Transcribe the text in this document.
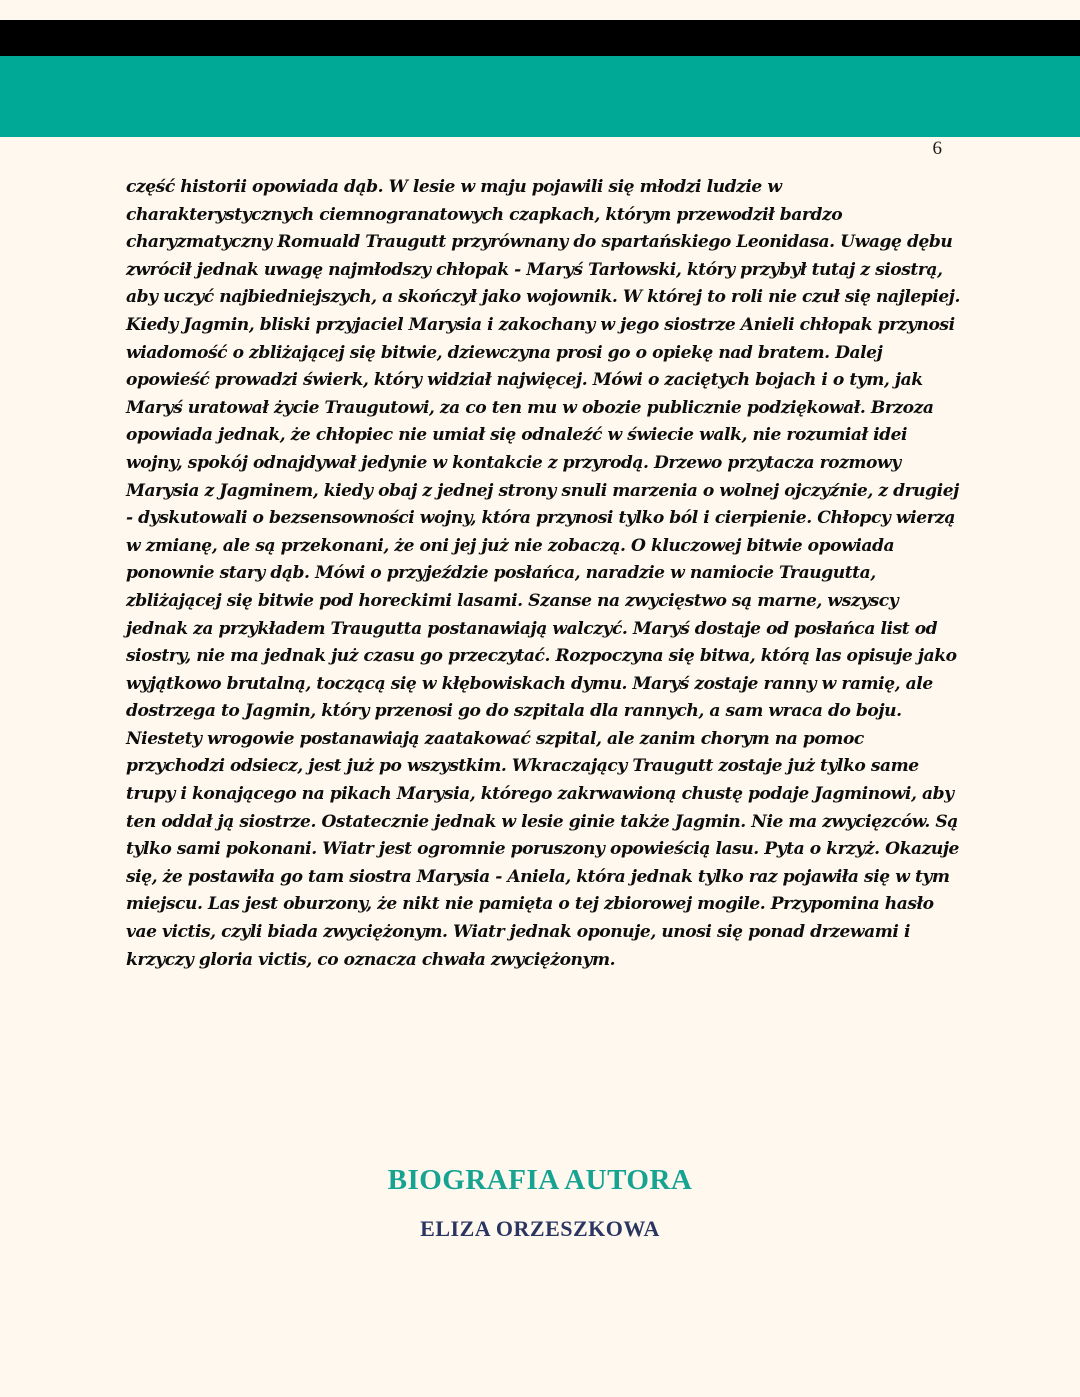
6

część historii opowiada dąb. W lesie w maju pojawili się młodzi ludzie w charakterystycznych ciemnogranatowych czapkach, którym przewodził bardzo charyzmatyczny Romuald Traugutt przyrównany do spartańskiego Leonidasa. Uwagę dębu zwrócił jednak uwagę najmłodszy chłopak - Maryś Tarłowski, który przybył tutaj z siostrą, aby uczyć najbiedniejszych, a skończył jako wojownik. W której to roli nie czuł się najlepiej. Kiedy Jagmin, bliski przyjaciel Marysia i zakochany w jego siostrze Anieli chłopak przynosi wiadomość o zbliżającej się bitwie, dziewczyna prosi go o opiekę nad bratem. Dalej opowieść prowadzi świerk, który widział najwięcej. Mówi o zaciętych bojach i o tym, jak Maryś uratował życie Traugutowi, za co ten mu w obozie publicznie podziękował. Brzoza opowiada jednak, że chłopiec nie umiał się odnaleźć w świecie walk, nie rozumiał idei wojny, spokój odnajdywał jedynie w kontakcie z przyrodą. Drzewo przytacza rozmowy Marysia z Jagminem, kiedy obaj z jednej strony snuli marzenia o wolnej ojczyźnie, z drugiej - dyskutowali o bezsensowności wojny, która przynosi tylko ból i cierpienie. Chłopcy wierzą w zmianę, ale są przekonani, że oni jej już nie zobaczą. O kluczowej bitwie opowiada ponownie stary dąb. Mówi o przyjeździe posłańca, naradzie w namiocie Traugutta, zbliżającej się bitwie pod horeckimi lasami. Szanse na zwycięstwo są marne, wszyscy jednak za przykładem Traugutta postanawiają walczyć. Maryś dostaje od posłańca list od siostry, nie ma jednak już czasu go przeczytać. Rozpoczyna się bitwa, którą las opisuje jako wyjątkowo brutalną, toczącą się w kłębowiskach dymu. Maryś zostaje ranny w ramię, ale dostrzega to Jagmin, który przenosi go do szpitala dla rannych, a sam wraca do boju. Niestety wrogowie postanawiają zaatakować szpital, ale zanim chorym na pomoc przychodzi odsiecz, jest już po wszystkim. Wkraczający Traugutt zostaje już tylko same trupy i konającego na pikach Marysia, którego zakrwawioną chustę podaje Jagminowi, aby ten oddał ją siostrze. Ostatecznie jednak w lesie ginie także Jagmin. Nie ma zwycięzców. Są tylko sami pokonani. Wiatr jest ogromnie poruszony opowieścią lasu. Pyta o krzyż. Okazuje się, że postawiła go tam siostra Marysia - Aniela, która jednak tylko raz pojawiła się w tym miejscu. Las jest oburzony, że nikt nie pamięta o tej zbiorowej mogile. Przypomina hasło vae victis, czyli biada zwyciężonym. Wiatr jednak oponuje, unosi się ponad drzewami i krzyczy gloria victis, co oznacza chwała zwyciężonym.

BIOGRAFIA AUTORA
ELIZA ORZESZKOWA
